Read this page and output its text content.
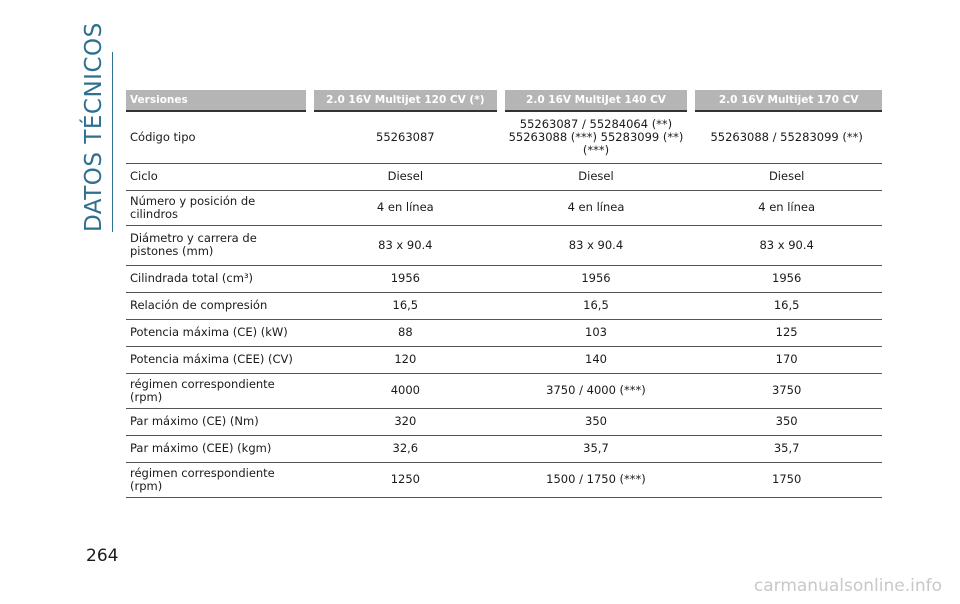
DATOS TÉCNICOS	Versiones	2.0 16V Multijet 120 CV (*)	2.0 16V MultiJet 140 CV	2.0 16V Multijet 170 CV
Código tipo	55263087	55263087 / 55284064 (**) 55263088 (***) 55283099 (**) (***)	55263088 / 55283099 (**)
Ciclo	Diesel	Diesel	Diesel
Número y posición de cilindros	4 en línea	4 en línea	4 en línea
Diámetro y carrera de pistones (mm)	83 x 90.4	83 x 90.4	83 x 90.4
Cilindrada total (cm³)	1956	1956	1956
Relación de compresión	16,5	16,5	16,5
Potencia máxima (CE) (kW)	88	103	125
Potencia máxima (CEE) (CV)	120	140	170
régimen correspondiente (rpm)	4000	3750 / 4000 (***)	3750
Par máximo (CE) (Nm)	320	350	350
Par máximo (CEE) (kgm)	32,6	35,7	35,7
régimen correspondiente (rpm)	1250	1500 / 1750 (***)	1750
264
carmanualsonline.info
